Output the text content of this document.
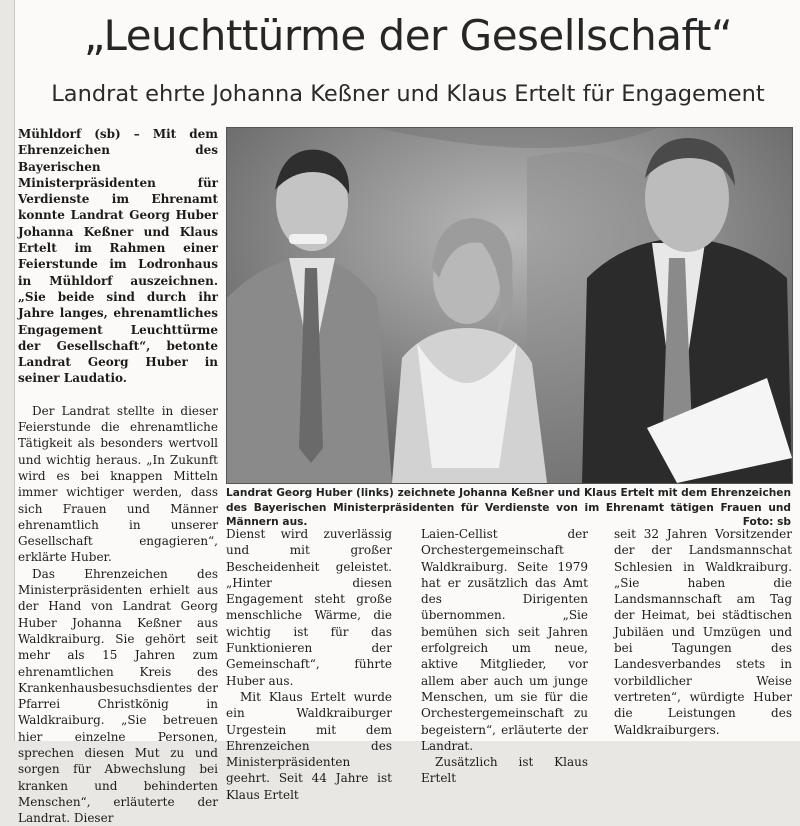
„Leuchttürme der Gesellschaft“
Landrat ehrte Johanna Keßner und Klaus Ertelt für Engagement

Mühldorf (sb) – Mit dem Ehrenzeichen des Bayerischen Ministerpräsidenten für Verdienste im Ehrenamt konnte Landrat Georg Huber Johanna Keßner und Klaus Ertelt im Rahmen einer Feierstunde im Lodronhaus in Mühldorf auszeichnen. „Sie beide sind durch ihr Jahre langes, ehrenamtliches Engagement Leuchttürme der Gesellschaft“, betonte Landrat Georg Huber in seiner Laudatio.

Der Landrat stellte in dieser Feierstunde die ehrenamtliche Tätigkeit als besonders wertvoll und wichtig heraus. „In Zukunft wird es bei knappen Mitteln immer wichtiger werden, dass sich Frauen und Männer ehrenamtlich in unserer Gesellschaft engagieren“, erklärte Huber.

Das Ehrenzeichen des Ministerpräsidenten erhielt aus der Hand von Landrat Georg Huber Johanna Keßner aus Waldkraiburg. Sie gehört seit mehr als 15 Jahren zum ehrenamtlichen Kreis des Krankenhausbesuchsdientes der Pfarrei Christkönig in Waldkraiburg. „Sie betreuen hier einzelne Personen, sprechen diesen Mut zu und sorgen für Abwechslung bei kranken und behinderten Menschen“, erläuterte der Landrat. Dieser

Landrat Georg Huber (links) zeichnete Johanna Keßner und Klaus Ertelt mit dem Ehrenzeichen des Bayerischen Ministerpräsidenten für Verdienste von im Ehrenamt tätigen Frauen und Männern aus.	Foto: sb

Dienst wird zuverlässig und mit großer Bescheidenheit geleistet. „Hinter diesen Engagement steht große menschliche Wärme, die wichtig ist für das Funktionieren der Gemeinschaft“, führte Huber aus.

Mit Klaus Ertelt wurde ein Waldkraiburger Urgestein mit dem Ehrenzeichen des Ministerpräsidenten geehrt. Seit 44 Jahre ist Klaus Ertelt

Laien-Cellist der Orchestergemeinschaft Waldkraiburg. Seite 1979 hat er zusätzlich das Amt des Dirigenten übernommen. „Sie bemühen sich seit Jahren erfolgreich um neue, aktive Mitglieder, vor allem aber auch um junge Menschen, um sie für die Orchestergemeinschaft zu begeistern“, erläuterte der Landrat.

Zusätzlich ist Klaus Ertelt

seit 32 Jahren Vorsitzender der der Landsmannschat Schlesien in Waldkraiburg. „Sie haben die Landsmannschaft am Tag der Heimat, bei städtischen Jubiläen und Umzügen und bei Tagungen des Landesverbandes stets in vorbildlicher Weise vertreten“, würdigte Huber die Leistungen des Waldkraiburgers.
